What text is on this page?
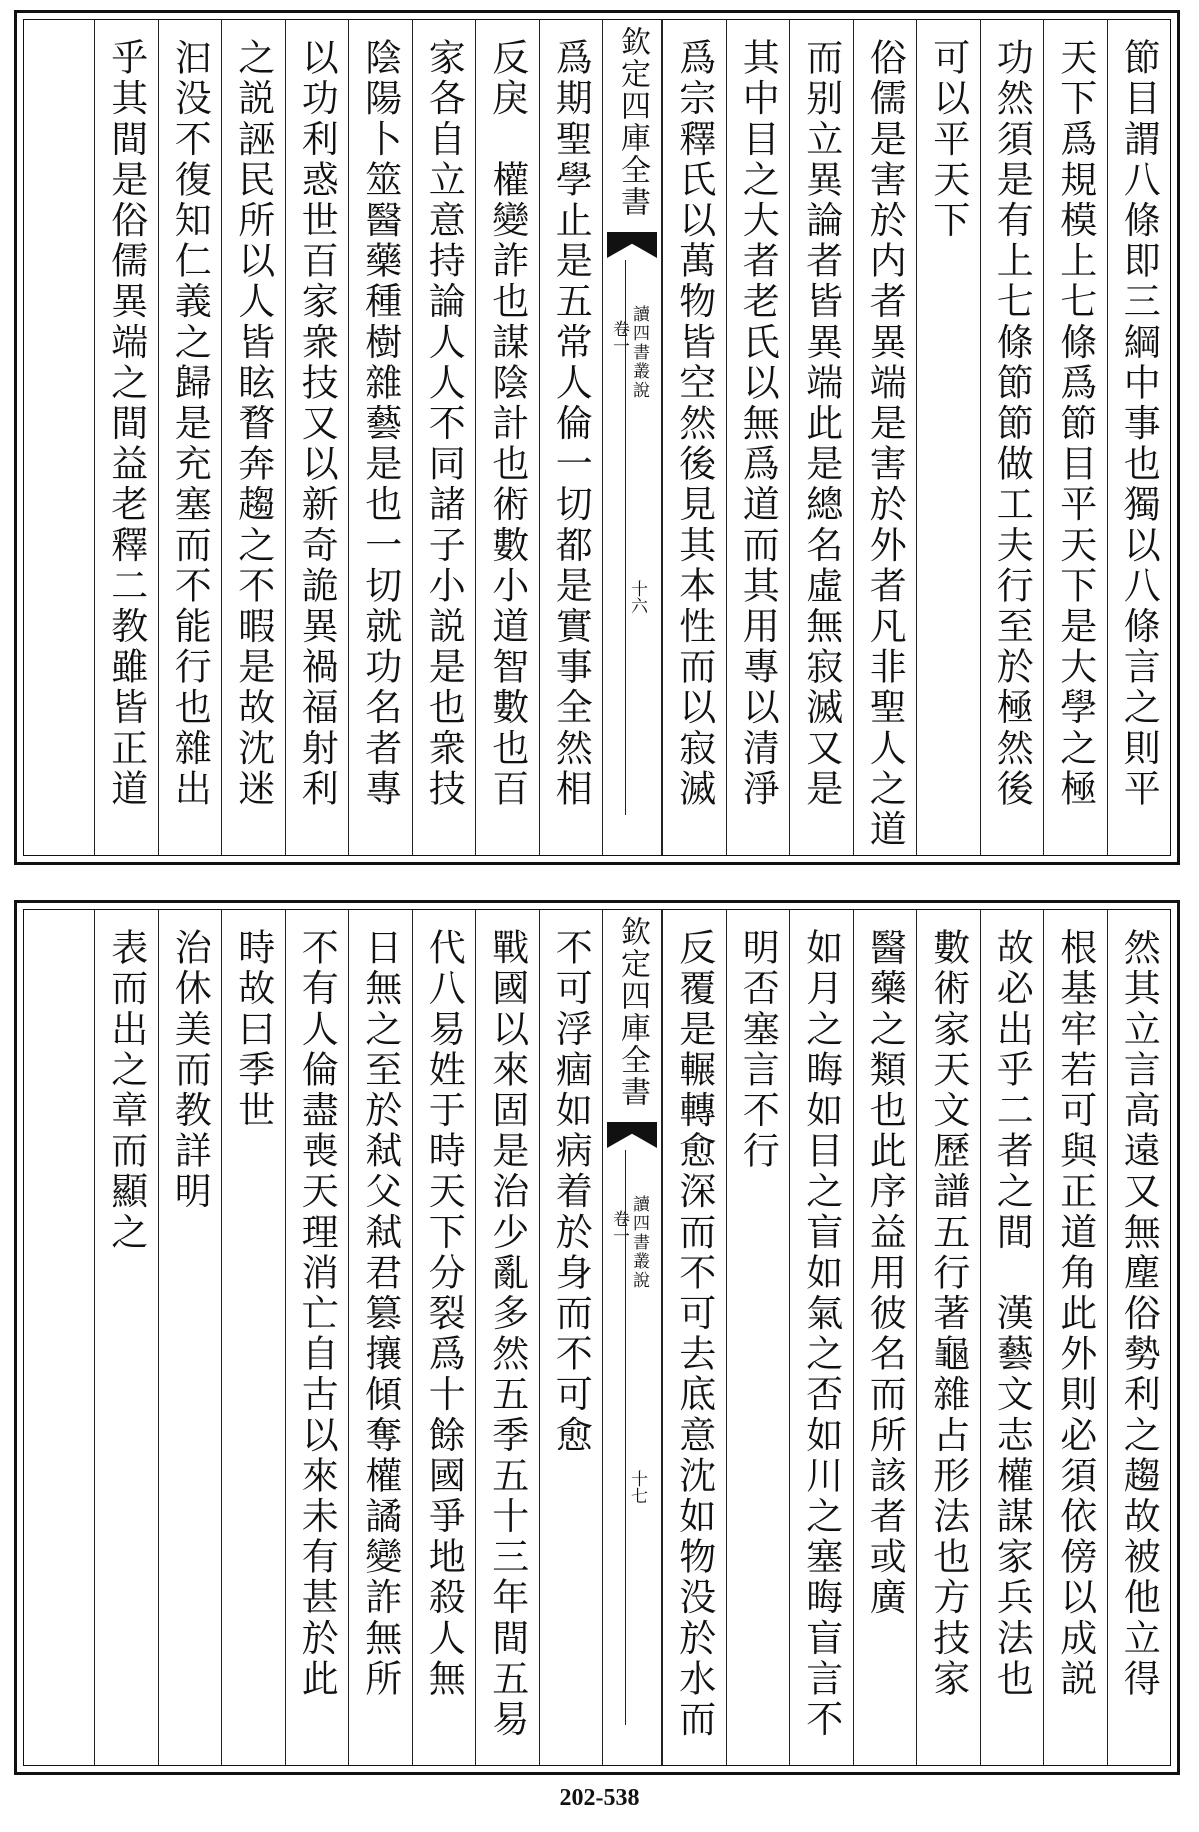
節目謂八條即三綱中事也獨以八條言之則平
天下爲規模上七條爲節目平天下是大學之極
功然須是有上七條節節做工夫行至於極然後
可以平天下
俗儒是害於内者異端是害於外者凡非聖人之道
而别立異論者皆異端此是總名虛無寂滅又是
其中目之大者老氏以無爲道而其用專以清淨
爲宗釋氏以萬物皆空然後見其本性而以寂滅
欽定四庫全書
讀四書叢說
卷一
十六
爲期聖學止是五常人倫一切都是實事全然相
反戾　權變詐也謀陰計也術數小道智數也百
家各自立意持論人人不同諸子小説是也衆技
陰陽卜筮醫藥種樹雜藝是也一切就功名者專
以功利惑世百家衆技又以新奇詭異禍福射利
之説誣民所以人皆眩瞀奔趨之不暇是故沈迷
汩没不復知仁義之歸是充塞而不能行也雜出
乎其間是俗儒異端之間益老釋二教雖皆正道
然其立言高遠又無塵俗勢利之趨故被他立得
根基牢若可與正道角此外則必須依傍以成説
故必出乎二者之間　漢藝文志權謀家兵法也
數術家天文歷譜五行著龜雜占形法也方技家
醫藥之類也此序益用彼名而所該者或廣
如月之晦如目之盲如氣之否如川之塞晦盲言不
明否塞言不行
反覆是輾轉愈深而不可去底意沈如物没於水而
欽定四庫全書
讀四書叢說
卷一
十七
不可浮痼如病着於身而不可愈
戰國以來固是治少亂多然五季五十三年間五易
代八易姓于時天下分裂爲十餘國爭地殺人無
日無之至於弒父弒君篡攘傾奪權譎變詐無所
不有人倫盡喪天理消亡自古以來未有甚於此
時故曰季世
治休美而教詳明
表而出之章而顯之
202-538
